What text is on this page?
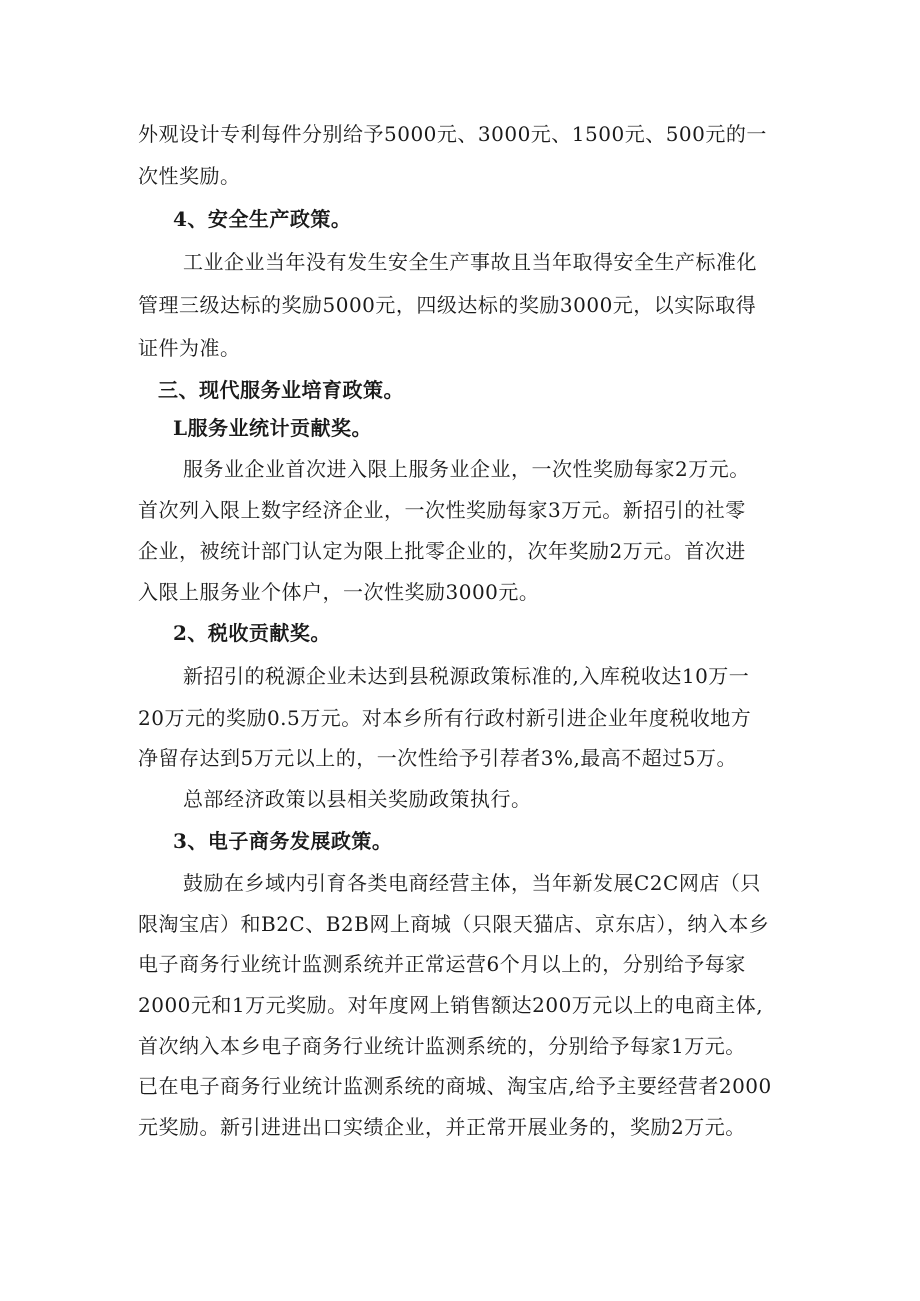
外观设计专利每件分别给予5000元、3000元、1500元、500元的一
次性奖励。
4、安全生产政策。
工业企业当年没有发生安全生产事故且当年取得安全生产标准化
管理三级达标的奖励5000元，四级达标的奖励3000元，以实际取得
证件为准。
三、现代服务业培育政策。
L服务业统计贡献奖。
服务业企业首次进入限上服务业企业，一次性奖励每家2万元。
首次列入限上数字经济企业，一次性奖励每家3万元。新招引的社零
企业，被统计部门认定为限上批零企业的，次年奖励2万元。首次进
入限上服务业个体户，一次性奖励3000元。
2、税收贡献奖。
新招引的税源企业未达到县税源政策标准的,入库税收达10万一
20万元的奖励0.5万元。对本乡所有行政村新引进企业年度税收地方
净留存达到5万元以上的，一次性给予引荐者3%,最高不超过5万。
总部经济政策以县相关奖励政策执行。
3、电子商务发展政策。
鼓励在乡域内引育各类电商经营主体，当年新发展C2C网店（只
限淘宝店）和B2C、B2B网上商城（只限天猫店、京东店），纳入本乡
电子商务行业统计监测系统并正常运营6个月以上的，分别给予每家
2000元和1万元奖励。对年度网上销售额达200万元以上的电商主体,
首次纳入本乡电子商务行业统计监测系统的，分别给予每家1万元。
已在电子商务行业统计监测系统的商城、淘宝店,给予主要经营者2000
元奖励。新引进进出口实绩企业，并正常开展业务的，奖励2万元。
